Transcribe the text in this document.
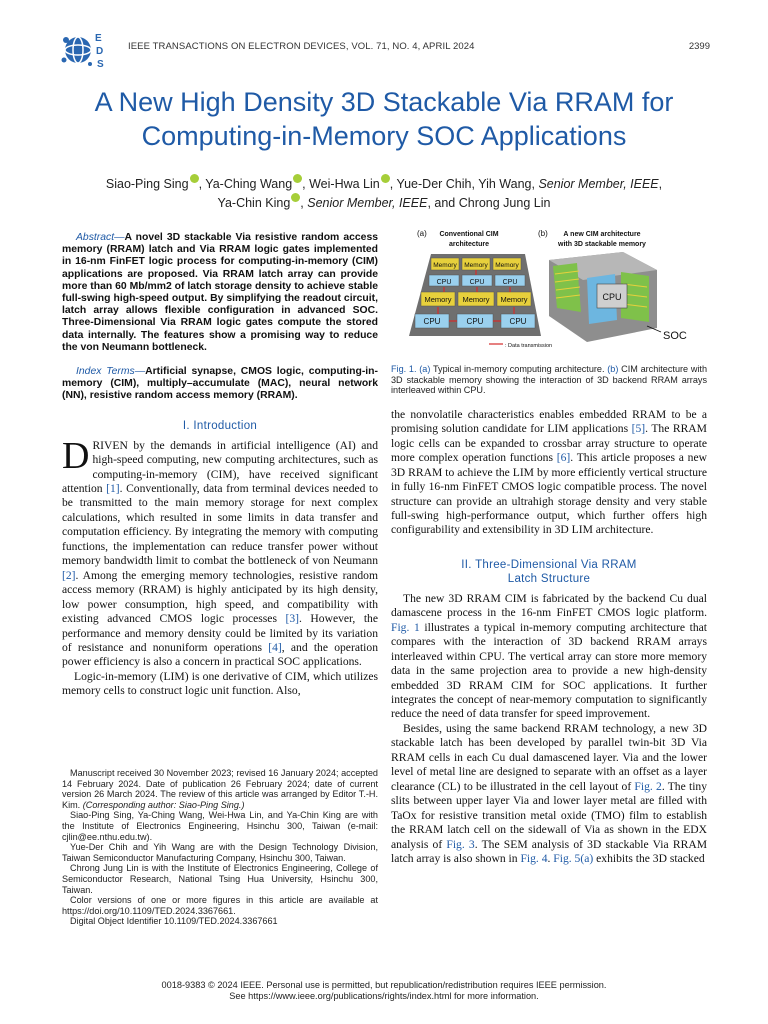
E
D
S
IEEE TRANSACTIONS ON ELECTRON DEVICES, VOL. 71, NO. 4, APRIL 2024	2399
A New High Density 3D Stackable Via RRAM for
Computing-in-Memory SOC Applications
Siao-Ping Sing , Ya-Ching Wang , Wei-Hwa Lin , Yue-Der Chih, Yih Wang, Senior Member, IEEE,
Ya-Chin King , Senior Member, IEEE, and Chrong Jung Lin
Abstract—A novel 3D stackable Via resistive random access memory (RRAM) latch and Via RRAM logic gates implemented in 16-nm FinFET logic process for computing-in-memory (CIM) applications are proposed. Via RRAM latch array can provide more than 60 Mb/mm2 of latch storage density to achieve stable full-swing high-speed output. By simplifying the readout circuit, latch array allows flexible configuration in advanced SOC. Three-Dimensional Via RRAM logic gates compute the stored data internally. The features show a promising way to reduce the von Neumann bottleneck.
Index Terms—Artificial synapse, CMOS logic, computing-in-memory (CIM), multiply–accumulate (MAC), neural network (NN), resistive random access memory (RRAM).
I. Introduction

DRIVEN by the demands in artificial intelligence (AI) and high-speed computing, new computing architectures, such as computing-in-memory (CIM), have received significant attention [1]. Conventionally, data from terminal devices needed to be transmitted to the main memory storage for next complex calculations, which resulted in some limits in data transfer and computation efficiency. By integrating the memory with computing functions, the implementation can reduce transfer power without memory bandwidth limit to combat the bottleneck of von Neumann [2]. Among the emerging memory technologies, resistive random access memory (RRAM) is highly anticipated by its high density, low power consumption, high speed, and compatibility with existing advanced CMOS logic processes [3]. However, the performance and memory density could be limited by its variation of resistance and nonuniform operations [4], and the operation power efficiency is also a concern in practical SOC applications.

Logic-in-memory (LIM) is one derivative of CIM, which utilizes memory cells to construct logic unit function. Also,

Manuscript received 30 November 2023; revised 16 January 2024; accepted 14 February 2024. Date of publication 26 February 2024; date of current version 26 March 2024. The review of this article was arranged by Editor T.-H. Kim. (Corresponding author: Siao-Ping Sing.)

Siao-Ping Sing, Ya-Ching Wang, Wei-Hwa Lin, and Ya-Chin King are with the Institute of Electronics Engineering, Hsinchu 300, Taiwan (e-mail: cjlin@ee.nthu.edu.tw).

Yue-Der Chih and Yih Wang are with the Design Technology Division, Taiwan Semiconductor Manufacturing Company, Hsinchu 300, Taiwan.

Chrong Jung Lin is with the Institute of Electronics Engineering, College of Semiconductor Research, National Tsing Hua University, Hsinchu 300, Taiwan.

Color versions of one or more figures in this article are available at https://doi.org/10.1109/TED.2024.3367661.

Digital Object Identifier 10.1109/TED.2024.3367661

(a) Conventional CIM
architecture
Memory Memory Memory
CPU	CPU	CPU
Memory Memory Memory
CPU	CPU	CPU
: Data transmission
(b) A new CIM architecture
with 3D stackable memory
CPU
SOC
Fig. 1. (a) Typical in-memory computing architecture. (b) CIM architecture with 3D stackable memory showing the interaction of 3D backend RRAM arrays interleaved within CPU.

the nonvolatile characteristics enables embedded RRAM to be a promising solution candidate for LIM applications [5]. The RRAM logic cells can be expanded to crossbar array structure to operate more complex operation functions [6]. This article proposes a new 3D RRAM to achieve the LIM by more efficiently vertical structure in fully 16-nm FinFET CMOS logic compatible process. The novel structure can provide an ultrahigh storage density and very stable full-swing high-performance output, which further offers high configurability and extensibility in 3D LIM architecture.

II. Three-Dimensional Via RRAM
Latch Structure

The new 3D RRAM CIM is fabricated by the backend Cu dual damascene process in the 16-nm FinFET CMOS logic platform. Fig. 1 illustrates a typical in-memory computing architecture that compares with the interaction of 3D backend RRAM arrays interleaved within CPU. The vertical array can store more memory data in the same projection area to provide a new high-density embedded 3D RRAM CIM for SOC applications. It further integrates the concept of near-memory computation to significantly reduce the need of data transfer for speed improvement.

Besides, using the same backend RRAM technology, a new 3D stackable latch has been developed by parallel twin-bit 3D Via RRAM cells in each Cu dual damascened layer. Via and the lower level of metal line are designed to separate with an offset as a layer clearance (CL) to be illustrated in the cell layout of Fig. 2. The tiny slits between upper layer Via and lower layer metal are filled with TaOx for resistive transition metal oxide (TMO) film to establish the RRAM latch cell on the sidewall of Via as shown in the EDX analysis of Fig. 3. The SEM analysis of 3D stackable Via RRAM latch array is also shown in Fig. 4. Fig. 5(a) exhibits the 3D stacked

0018-9383 © 2024 IEEE. Personal use is permitted, but republication/redistribution requires IEEE permission.
See https://www.ieee.org/publications/rights/index.html for more information.
